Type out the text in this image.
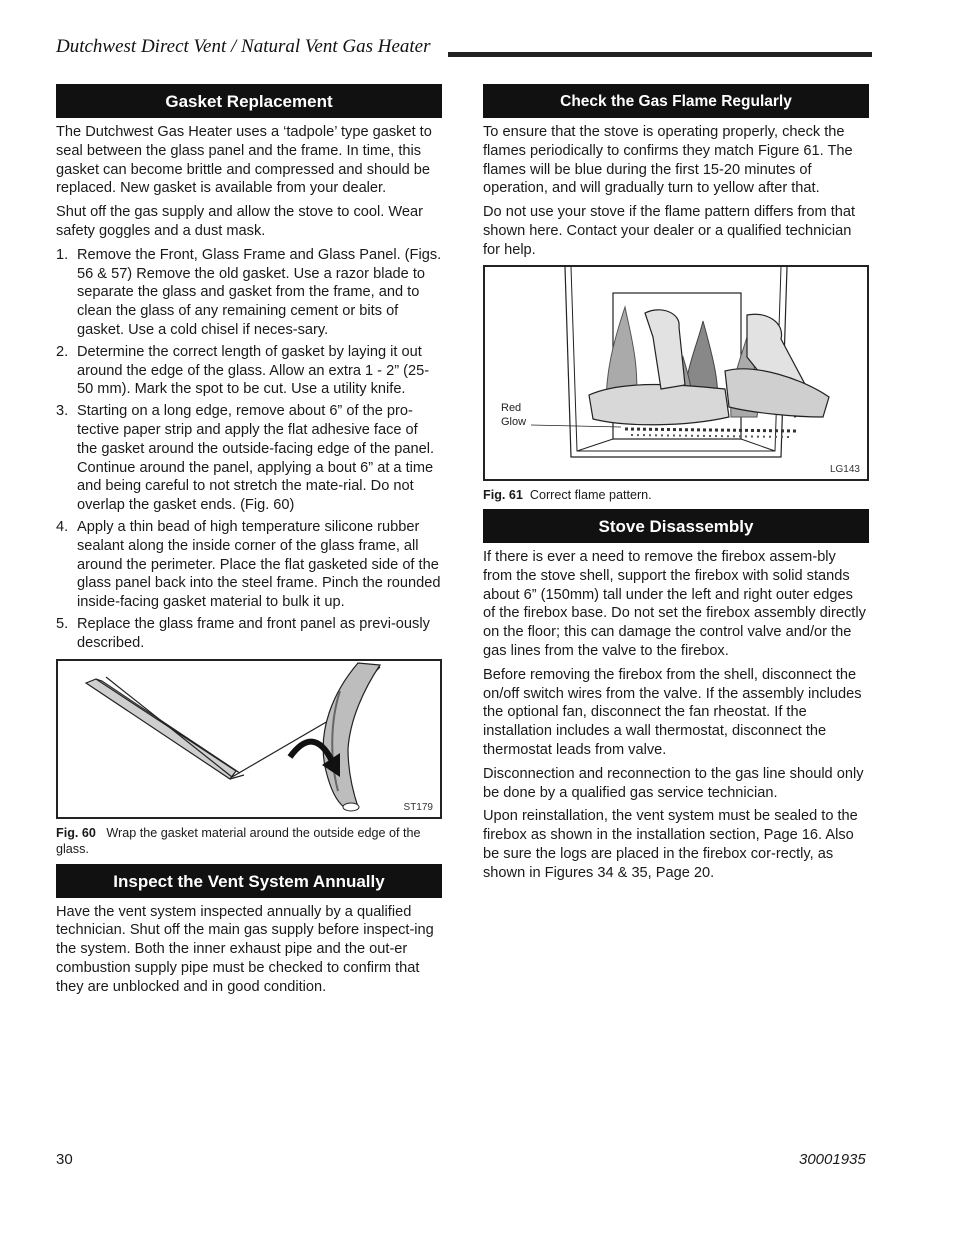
Dutchwest Direct Vent / Natural Vent Gas Heater
Gasket Replacement

The Dutchwest Gas Heater uses a ‘tadpole’ type gasket to seal between the glass panel and the frame. In time, this gasket can become brittle and compressed and should be replaced. New gasket is available from your dealer.

Shut off the gas supply and allow the stove to cool. Wear safety goggles and a dust mask.

1. Remove the Front, Glass Frame and Glass Panel. (Figs. 56 & 57) Remove the old gasket. Use a razor blade to separate the glass and gasket from the frame, and to clean the glass of any remaining cement or bits of gasket. Use a cold chisel if neces-sary.
2. Determine the correct length of gasket by laying it out around the edge of the glass. Allow an extra 1 - 2” (25-50 mm). Mark the spot to be cut. Use a utility knife.
3. Starting on a long edge, remove about 6” of the pro-tective paper strip and apply the flat adhesive face of the gasket around the outside-facing edge of the panel. Continue around the panel, applying a bout 6” at a time and being careful to not stretch the mate-rial. Do not overlap the gasket ends. (Fig. 60)
4. Apply a thin bead of high temperature silicone rubber sealant along the inside corner of the glass frame, all around the perimeter. Place the flat gasketed side of the glass panel back into the steel frame. Pinch the rounded inside-facing gasket material to bulk it up.
5. Replace the glass frame and front panel as previ-ously described.
ST179
Fig. 60 Wrap the gasket material around the outside edge of the glass.
Inspect the Vent System Annually

Have the vent system inspected annually by a qualified technician. Shut off the main gas supply before inspect-ing the system. Both the inner exhaust pipe and the out-er combustion supply pipe must be checked to confirm that they are unblocked and in good condition.

Check the Gas Flame Regularly

To ensure that the stove is operating properly, check the flames periodically to confirms they match Figure 61. The flames will be blue during the first 15-20 minutes of operation, and will gradually turn to yellow after that.

Do not use your stove if the flame pattern differs from that shown here. Contact your dealer or a qualified technician for help.

Red
Glow
LG143
Fig. 61 Correct flame pattern.
Stove Disassembly

If there is ever a need to remove the firebox assem-bly from the stove shell, support the firebox with solid stands about 6” (150mm) tall under the left and right outer edges of the firebox base. Do not set the firebox assembly directly on the floor; this can damage the control valve and/or the gas lines from the valve to the firebox.

Before removing the firebox from the shell, disconnect the on/off switch wires from the valve. If the assembly includes the optional fan, disconnect the fan rheostat. If the installation includes a wall thermostat, disconnect the thermostat leads from valve.

Disconnection and reconnection to the gas line should only be done by a qualified gas service technician.

Upon reinstallation, the vent system must be sealed to the firebox as shown in the installation section, Page 16. Also be sure the logs are placed in the firebox cor-rectly, as shown in Figures 34 & 35, Page 20.

30	30001935
